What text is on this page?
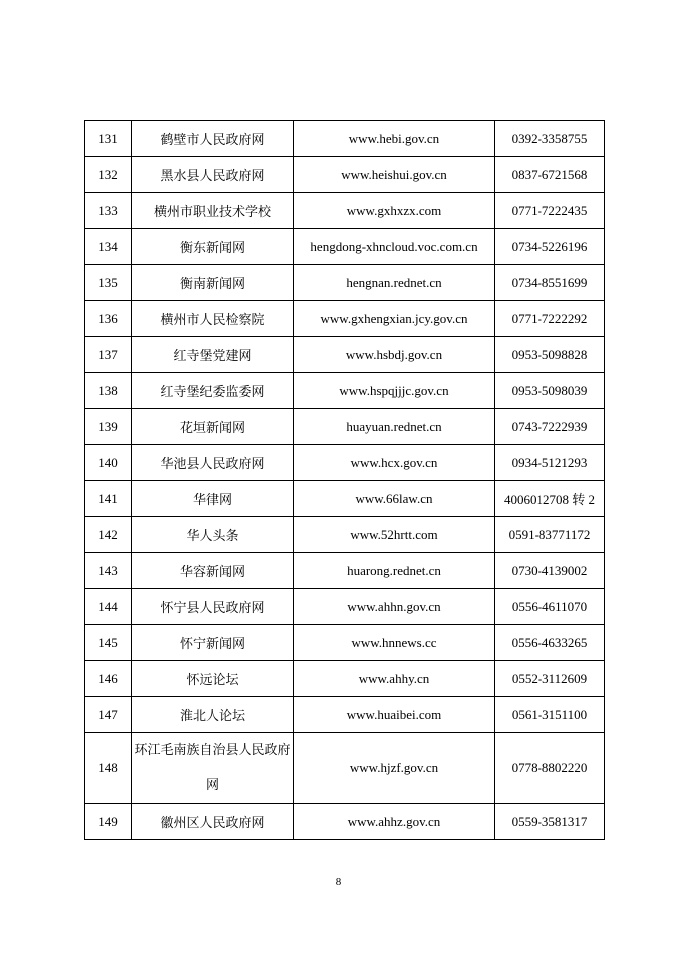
131	鹤壁市人民政府网	www.hebi.gov.cn	0392-3358755
132	黑水县人民政府网	www.heishui.gov.cn	0837-6721568
133	横州市职业技术学校	www.gxhxzx.com	0771-7222435
134	衡东新闻网	hengdong-xhncloud.voc.com.cn	0734-5226196
135	衡南新闻网	hengnan.rednet.cn	0734-8551699
136	横州市人民检察院	www.gxhengxian.jcy.gov.cn	0771-7222292
137	红寺堡党建网	www.hsbdj.gov.cn	0953-5098828
138	红寺堡纪委监委网	www.hspqjjjc.gov.cn	0953-5098039
139	花垣新闻网	huayuan.rednet.cn	0743-7222939
140	华池县人民政府网	www.hcx.gov.cn	0934-5121293
141	华律网	www.66law.cn	4006012708 转 2
142	华人头条	www.52hrtt.com	0591-83771172
143	华容新闻网	huarong.rednet.cn	0730-4139002
144	怀宁县人民政府网	www.ahhn.gov.cn	0556-4611070
145	怀宁新闻网	www.hnnews.cc	0556-4633265
146	怀远论坛	www.ahhy.cn	0552-3112609
147	淮北人论坛	www.huaibei.com	0561-3151100
148	环江毛南族自治县人民政府网	www.hjzf.gov.cn	0778-8802220
149	徽州区人民政府网	www.ahhz.gov.cn	0559-3581317
8
